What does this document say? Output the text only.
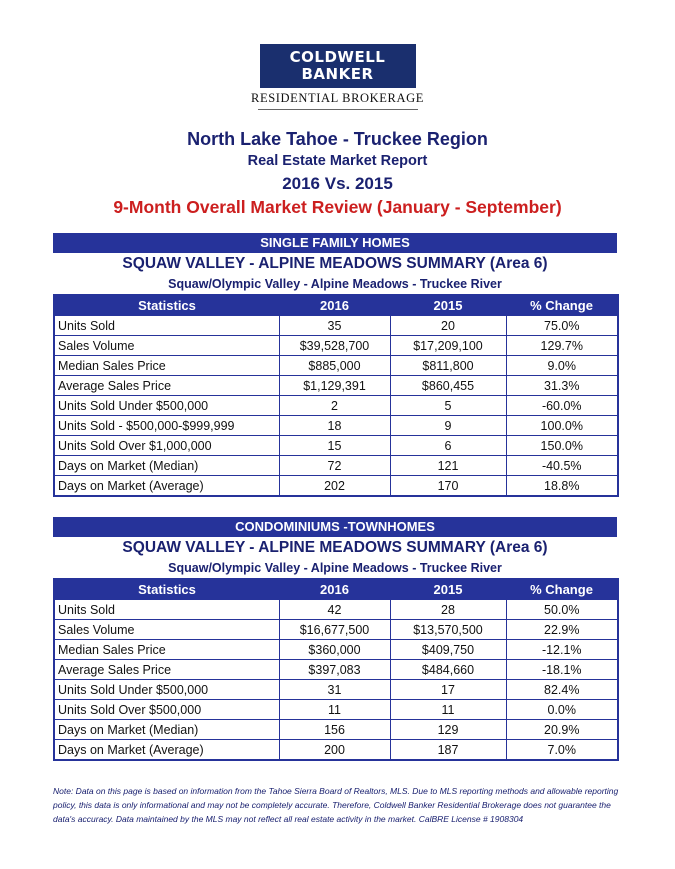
COLDWELL
BANKER
RESIDENTIAL BROKERAGE
North Lake Tahoe - Truckee Region
Real Estate Market Report
2016 Vs. 2015
9-Month Overall Market Review (January - September)
SINGLE FAMILY HOMES
SQUAW VALLEY - ALPINE MEADOWS SUMMARY (Area 6)
Squaw/Olympic Valley - Alpine Meadows - Truckee River
Statistics	2016	2015	% Change
Units Sold	35	20	75.0%
Sales Volume	$39,528,700	$17,209,100	129.7%
Median Sales Price	$885,000	$811,800	9.0%
Average Sales Price	$1,129,391	$860,455	31.3%
Units Sold Under $500,000	2	5	-60.0%
Units Sold - $500,000-$999,999	18	9	100.0%
Units Sold Over $1,000,000	15	6	150.0%
Days on Market (Median)	72	121	-40.5%
Days on Market (Average)	202	170	18.8%
CONDOMINIUMS -TOWNHOMES
SQUAW VALLEY - ALPINE MEADOWS SUMMARY (Area 6)
Squaw/Olympic Valley - Alpine Meadows - Truckee River
Statistics	2016	2015	% Change
Units Sold	42	28	50.0%
Sales Volume	$16,677,500	$13,570,500	22.9%
Median Sales Price	$360,000	$409,750	-12.1%
Average Sales Price	$397,083	$484,660	-18.1%
Units Sold Under $500,000	31	17	82.4%
Units Sold Over $500,000	11	11	0.0%
Days on Market (Median)	156	129	20.9%
Days on Market (Average)	200	187	7.0%
Note: Data on this page is based on information from the Tahoe Sierra Board of Realtors, MLS. Due to MLS reporting methods and allowable reporting policy, this data is only informational and may not be completely accurate. Therefore, Coldwell Banker Residential Brokerage does not guarantee the data's accuracy. Data maintained by the MLS may not reflect all real estate activity in the market. CalBRE License # 1908304
